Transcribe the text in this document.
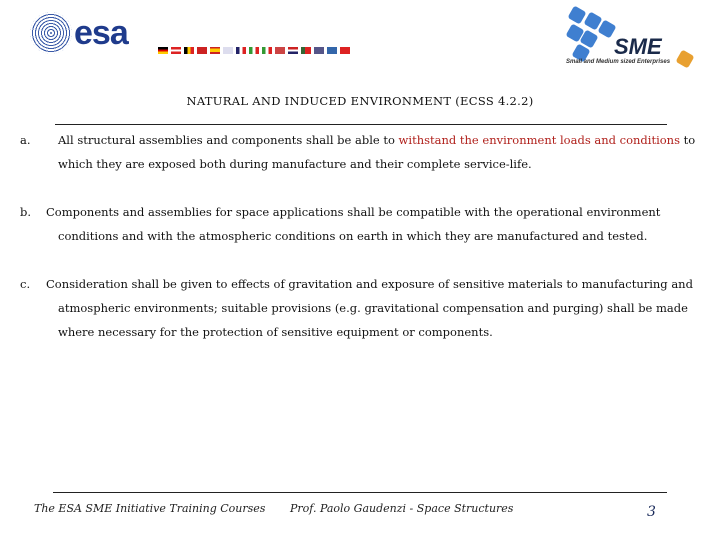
esa	SME
Small and Medium sized Enterprises
NATURAL AND INDUCED ENVIRONMENT (ECSS 4.2.2)
a. All structural assemblies and components shall be able to withstand the environment loads and conditions to
which they are exposed both during manufacture and their complete service-life.
b. Components and assemblies for space applications shall be compatible with the operational environment
conditions and with the atmospheric conditions on earth in which they are manufactured and tested.
c. Consideration shall be given to effects of gravitation and exposure of sensitive materials to manufacturing and
atmospheric environments; suitable provisions (e.g. gravitational compensation and purging) shall be made
where necessary for the protection of sensitive equipment or components.
The ESA SME Initiative Training Courses Prof. Paolo Gaudenzi - Space Structures	3
